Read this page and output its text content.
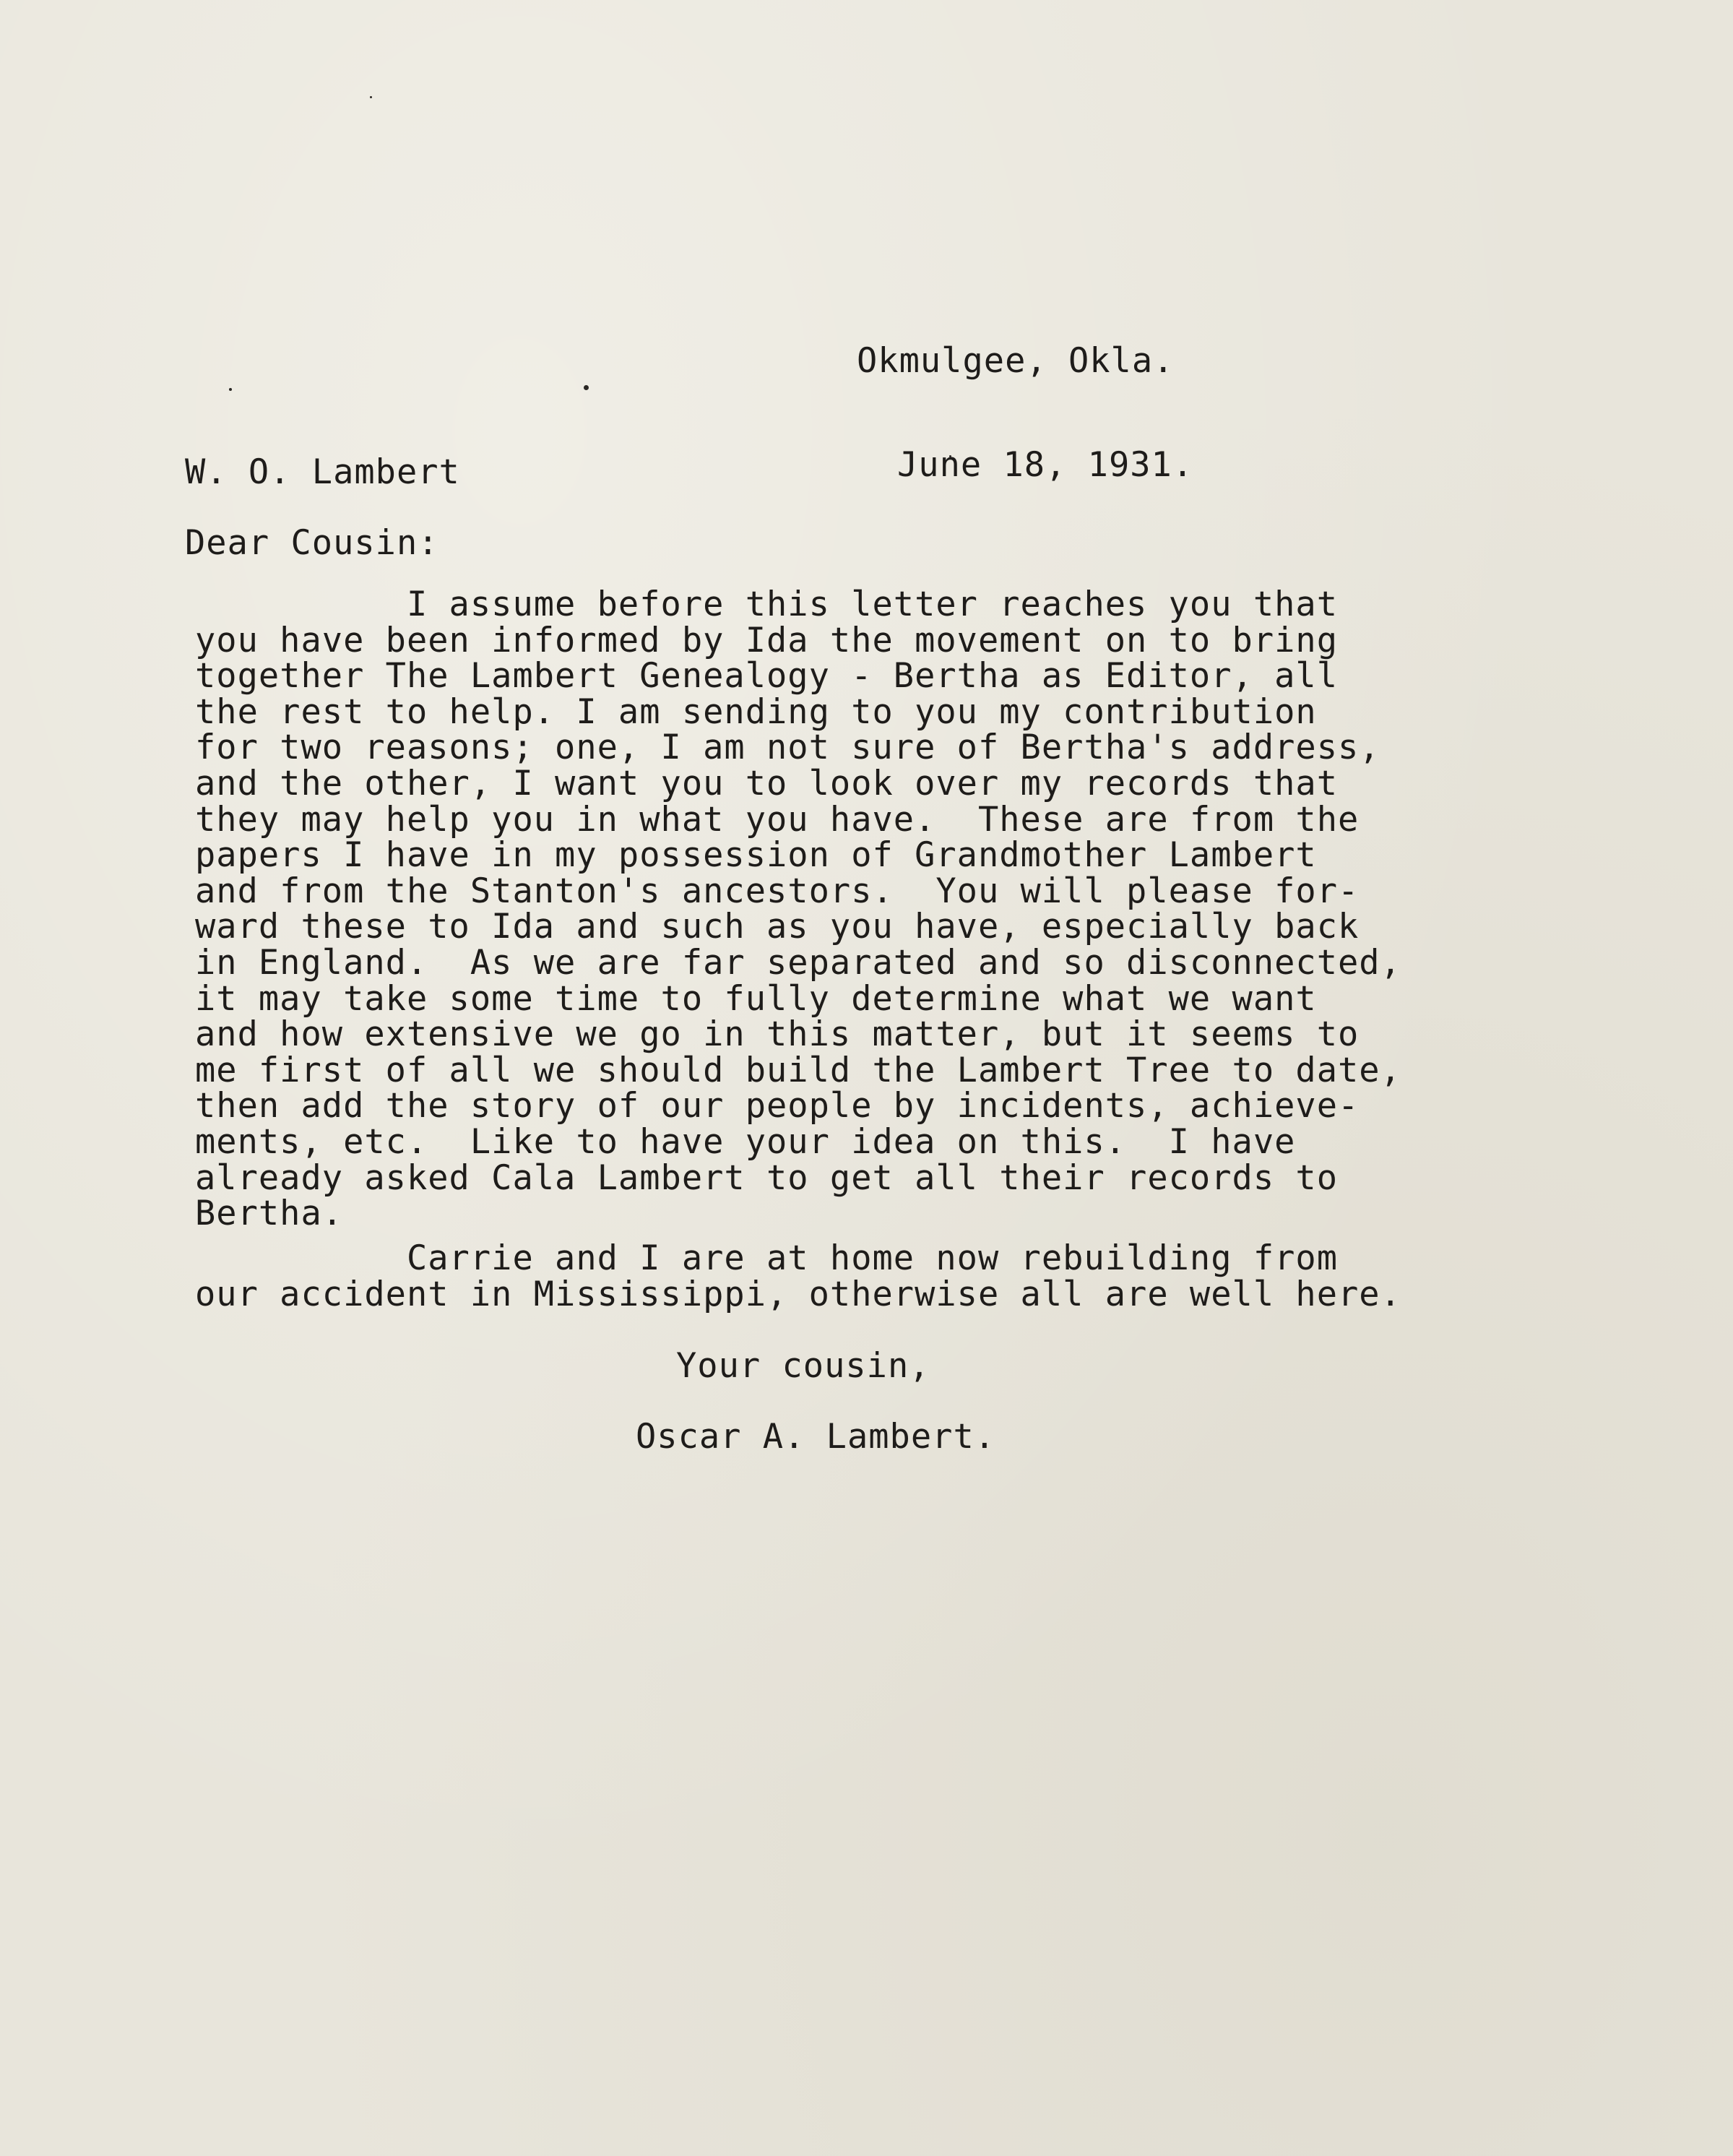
Okmulgee, Okla.

June 18, 1931.

W. O. Lambert

Dear Cousin:

I assume before this letter reaches you that
you have been informed by Ida the movement on to bring
together The Lambert Genealogy - Bertha as Editor, all
the rest to help. I am sending to you my contribution
for two reasons; one, I am not sure of Bertha's address,
and the other, I want you to look over my records that
they may help you in what you have.  These are from the
papers I have in my possession of Grandmother Lambert
and from the Stanton's ancestors.  You will please for-
ward these to Ida and such as you have, especially back
in England.  As we are far separated and so disconnected,
it may take some time to fully determine what we want
and how extensive we go in this matter, but it seems to
me first of all we should build the Lambert Tree to date,
then add the story of our people by incidents, achieve-
ments, etc.  Like to have your idea on this.  I have
already asked Cala Lambert to get all their records to
Bertha.
Carrie and I are at home now rebuilding from
our accident in Mississippi, otherwise all are well here.

Your cousin,

Oscar A. Lambert.
